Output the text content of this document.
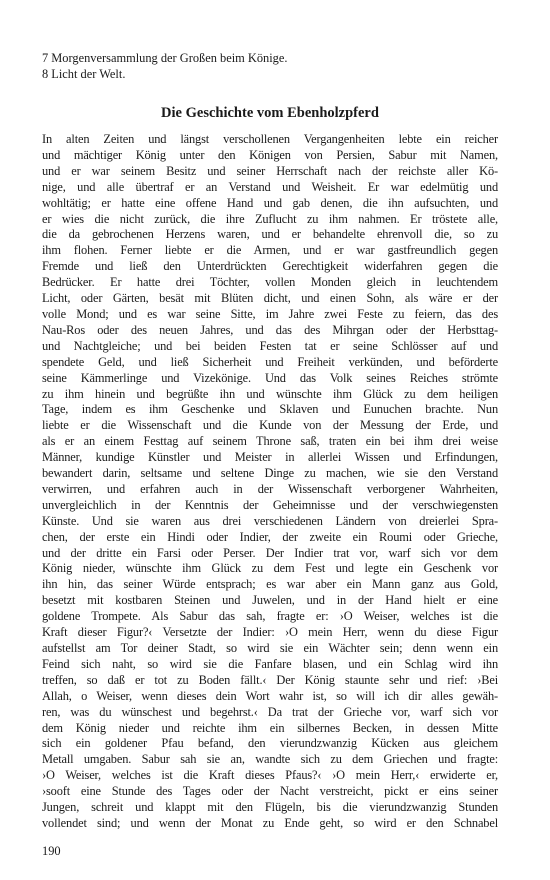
7 Morgenversammlung der Großen beim Könige.

8 Licht der Welt.

Die Geschichte vom Ebenholzpferd
In alten Zeiten und längst verschollenen Vergangenheiten lebte ein reicher
und mächtiger König unter den Königen von Persien, Sabur mit Namen,
und er war seinem Besitz und seiner Herrschaft nach der reichste aller Kö-
nige, und alle übertraf er an Verstand und Weisheit. Er war edelmütig und
wohltätig; er hatte eine offene Hand und gab denen, die ihn aufsuchten, und
er wies die nicht zurück, die ihre Zuflucht zu ihm nahmen. Er tröstete alle,
die da gebrochenen Herzens waren, und er behandelte ehrenvoll die, so zu
ihm flohen. Ferner liebte er die Armen, und er war gastfreundlich gegen
Fremde und ließ den Unterdrückten Gerechtigkeit widerfahren gegen die
Bedrücker. Er hatte drei Töchter, vollen Monden gleich in leuchtendem
Licht, oder Gärten, besät mit Blüten dicht, und einen Sohn, als wäre er der
volle Mond; und es war seine Sitte, im Jahre zwei Feste zu feiern, das des
Nau-Ros oder des neuen Jahres, und das des Mihrgan oder der Herbsttag-
und Nachtgleiche; und bei beiden Festen tat er seine Schlösser auf und
spendete Geld, und ließ Sicherheit und Freiheit verkünden, und beförderte
seine Kämmerlinge und Vizekönige. Und das Volk seines Reiches strömte
zu ihm hinein und begrüßte ihn und wünschte ihm Glück zu dem heiligen
Tage, indem es ihm Geschenke und Sklaven und Eunuchen brachte. Nun
liebte er die Wissenschaft und die Kunde von der Messung der Erde, und
als er an einem Festtag auf seinem Throne saß, traten ein bei ihm drei weise
Männer, kundige Künstler und Meister in allerlei Wissen und Erfindungen,
bewandert darin, seltsame und seltene Dinge zu machen, wie sie den Verstand
verwirren, und erfahren auch in der Wissenschaft verborgener Wahrheiten,
unvergleichlich in der Kenntnis der Geheimnisse und der verschwiegensten
Künste. Und sie waren aus drei verschiedenen Ländern von dreierlei Spra-
chen, der erste ein Hindi oder Indier, der zweite ein Roumi oder Grieche,
und der dritte ein Farsi oder Perser. Der Indier trat vor, warf sich vor dem
König nieder, wünschte ihm Glück zu dem Fest und legte ein Geschenk vor
ihn hin, das seiner Würde entsprach; es war aber ein Mann ganz aus Gold,
besetzt mit kostbaren Steinen und Juwelen, und in der Hand hielt er eine
goldene Trompete. Als Sabur das sah, fragte er: ›O Weiser, welches ist die
Kraft dieser Figur?‹ Versetzte der Indier: ›O mein Herr, wenn du diese Figur
aufstellst am Tor deiner Stadt, so wird sie ein Wächter sein; denn wenn ein
Feind sich naht, so wird sie die Fanfare blasen, und ein Schlag wird ihn
treffen, so daß er tot zu Boden fällt.‹ Der König staunte sehr und rief: ›Bei
Allah, o Weiser, wenn dieses dein Wort wahr ist, so will ich dir alles gewäh-
ren, was du wünschest und begehrst.‹ Da trat der Grieche vor, warf sich vor
dem König nieder und reichte ihm ein silbernes Becken, in dessen Mitte
sich ein goldener Pfau befand, den vierundzwanzig Kücken aus gleichem
Metall umgaben. Sabur sah sie an, wandte sich zu dem Griechen und fragte:
›O Weiser, welches ist die Kraft dieses Pfaus?‹ ›O mein Herr,‹ erwiderte er,
›sooft eine Stunde des Tages oder der Nacht verstreicht, pickt er eins seiner
Jungen, schreit und klappt mit den Flügeln, bis die vierundzwanzig Stunden
vollendet sind; und wenn der Monat zu Ende geht, so wird er den Schnabel
190
